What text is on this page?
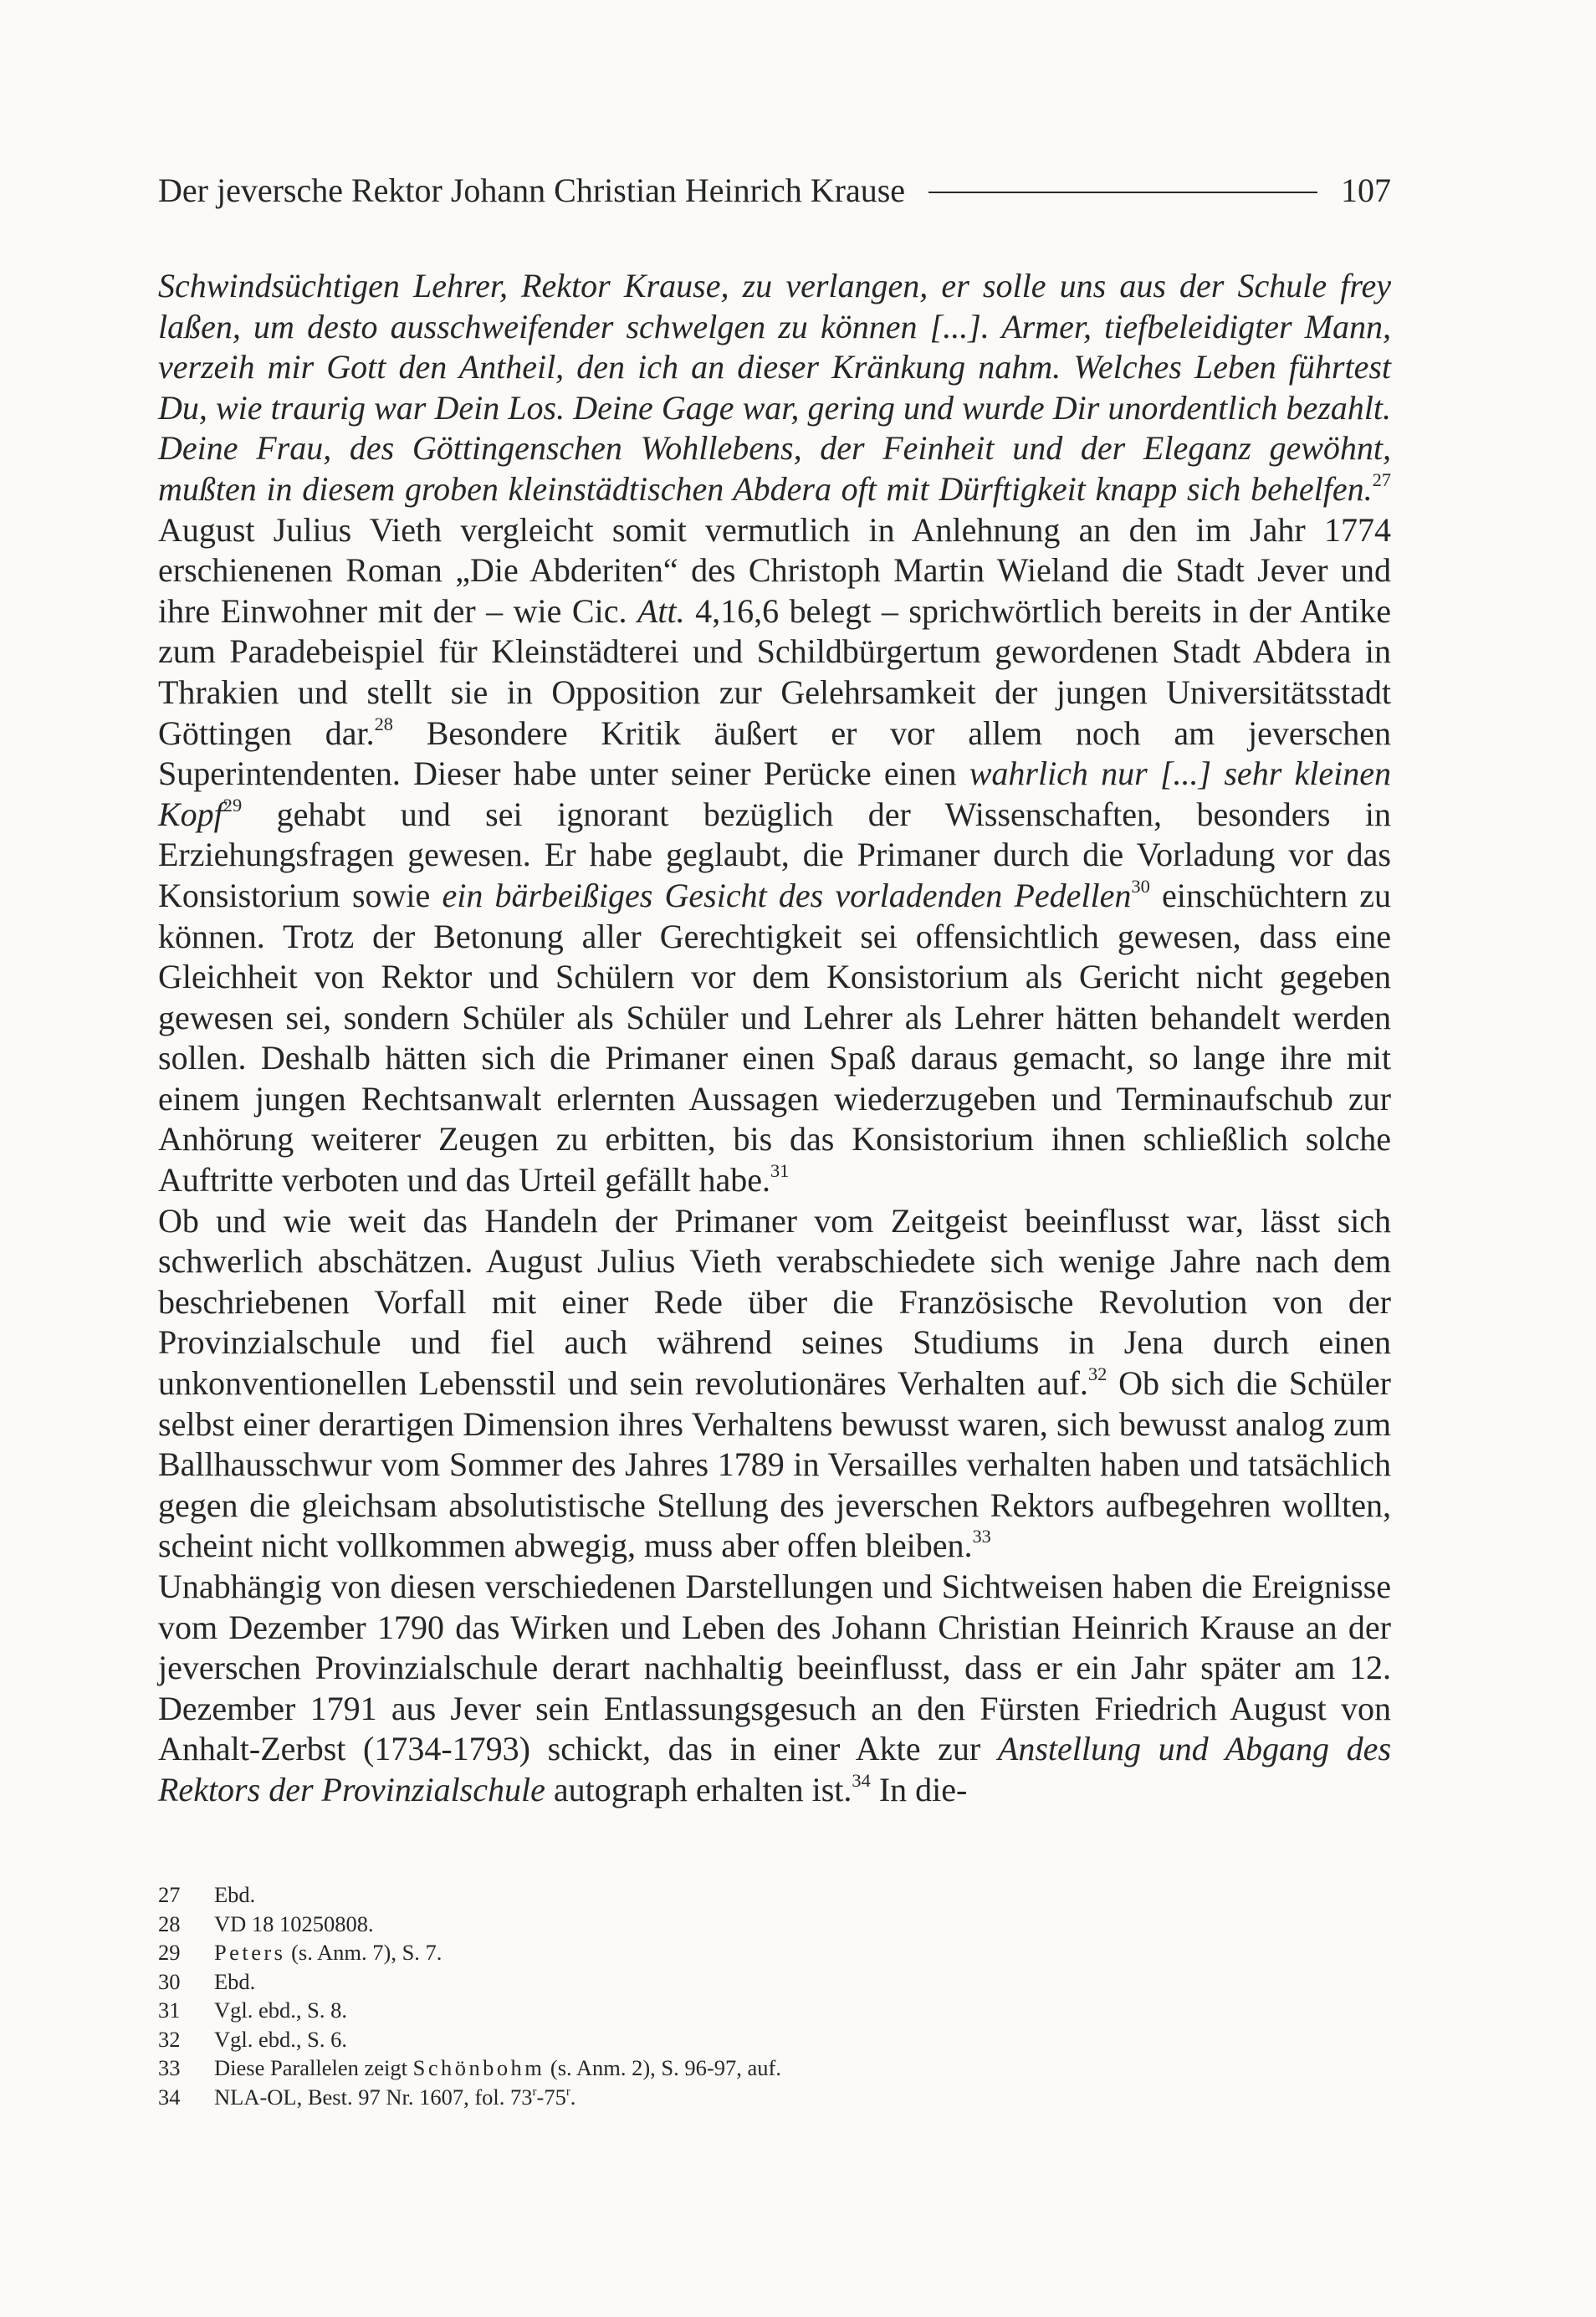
Der jeversche Rektor Johann Christian Heinrich Krause	107

Schwindsüchtigen Lehrer, Rektor Krause, zu verlangen, er solle uns aus der Schule frey laßen, um desto ausschweifender schwelgen zu können [...]. Armer, tiefbeleidigter Mann, verzeih mir Gott den Antheil, den ich an dieser Kränkung nahm. Welches Leben führtest Du, wie traurig war Dein Los. Deine Gage war, gering und wurde Dir unordentlich bezahlt. Deine Frau, des Göttingenschen Wohllebens, der Feinheit und der Eleganz gewöhnt, mußten in diesem groben kleinstädtischen Abdera oft mit Dürftigkeit knapp sich behelfen.$^{27}$ August Julius Vieth vergleicht somit vermutlich in Anlehnung an den im Jahr 1774 erschienenen Roman „Die Abderiten“ des Christoph Martin Wieland die Stadt Jever und ihre Einwohner mit der – wie Cic. Att. 4,16,6 belegt – sprichwörtlich bereits in der Antike zum Paradebeispiel für Kleinstädterei und Schildbürgertum gewordenen Stadt Abdera in Thrakien und stellt sie in Opposition zur Gelehrsamkeit der jungen Universitätsstadt Göttingen dar.$^{28}$ Besondere Kritik äußert er vor allem noch am jeverschen Superintendenten. Dieser habe unter seiner Perücke einen wahrlich nur [...] sehr kleinen Kopf$^{29}$ gehabt und sei ignorant bezüglich der Wissenschaften, besonders in Erziehungsfragen gewesen. Er habe geglaubt, die Primaner durch die Vorladung vor das Konsistorium sowie ein bärbeißiges Gesicht des vorladenden Pedellen$^{30}$ einschüchtern zu können. Trotz der Betonung aller Gerechtigkeit sei offensichtlich gewesen, dass eine Gleichheit von Rektor und Schülern vor dem Konsistorium als Gericht nicht gegeben gewesen sei, sondern Schüler als Schüler und Lehrer als Lehrer hätten behandelt werden sollen. Deshalb hätten sich die Primaner einen Spaß daraus gemacht, so lange ihre mit einem jungen Rechtsanwalt erlernten Aussagen wiederzugeben und Terminaufschub zur Anhörung weiterer Zeugen zu erbitten, bis das Konsistorium ihnen schließlich solche Auftritte verboten und das Urteil gefällt habe.$^{31}$

Ob und wie weit das Handeln der Primaner vom Zeitgeist beeinflusst war, lässt sich schwerlich abschätzen. August Julius Vieth verabschiedete sich wenige Jahre nach dem beschriebenen Vorfall mit einer Rede über die Französische Revolution von der Provinzialschule und fiel auch während seines Studiums in Jena durch einen unkonventionellen Lebensstil und sein revolutionäres Verhalten auf.$^{32}$ Ob sich die Schüler selbst einer derartigen Dimension ihres Verhaltens bewusst waren, sich bewusst analog zum Ballhausschwur vom Sommer des Jahres 1789 in Versailles verhalten haben und tatsächlich gegen die gleichsam absolutistische Stellung des jeverschen Rektors aufbegehren wollten, scheint nicht vollkommen abwegig, muss aber offen bleiben.$^{33}$

Unabhängig von diesen verschiedenen Darstellungen und Sichtweisen haben die Ereignisse vom Dezember 1790 das Wirken und Leben des Johann Christian Heinrich Krause an der jeverschen Provinzialschule derart nachhaltig beeinflusst, dass er ein Jahr später am 12. Dezember 1791 aus Jever sein Entlassungsgesuch an den Fürsten Friedrich August von Anhalt-Zerbst (1734-1793) schickt, das in einer Akte zur Anstellung und Abgang des Rektors der Provinzialschule autograph erhalten ist.$^{34}$ In die-

27	Ebd.
28	VD 18 10250808.
29	Peters (s. Anm. 7), S. 7.
30	Ebd.
31	Vgl. ebd., S. 8.
32	Vgl. ebd., S. 6.
33	Diese Parallelen zeigt Schönbohm (s. Anm. 2), S. 96-97, auf.
34	NLA-OL, Best. 97 Nr. 1607, fol. 73$^r$-75$^r$.
